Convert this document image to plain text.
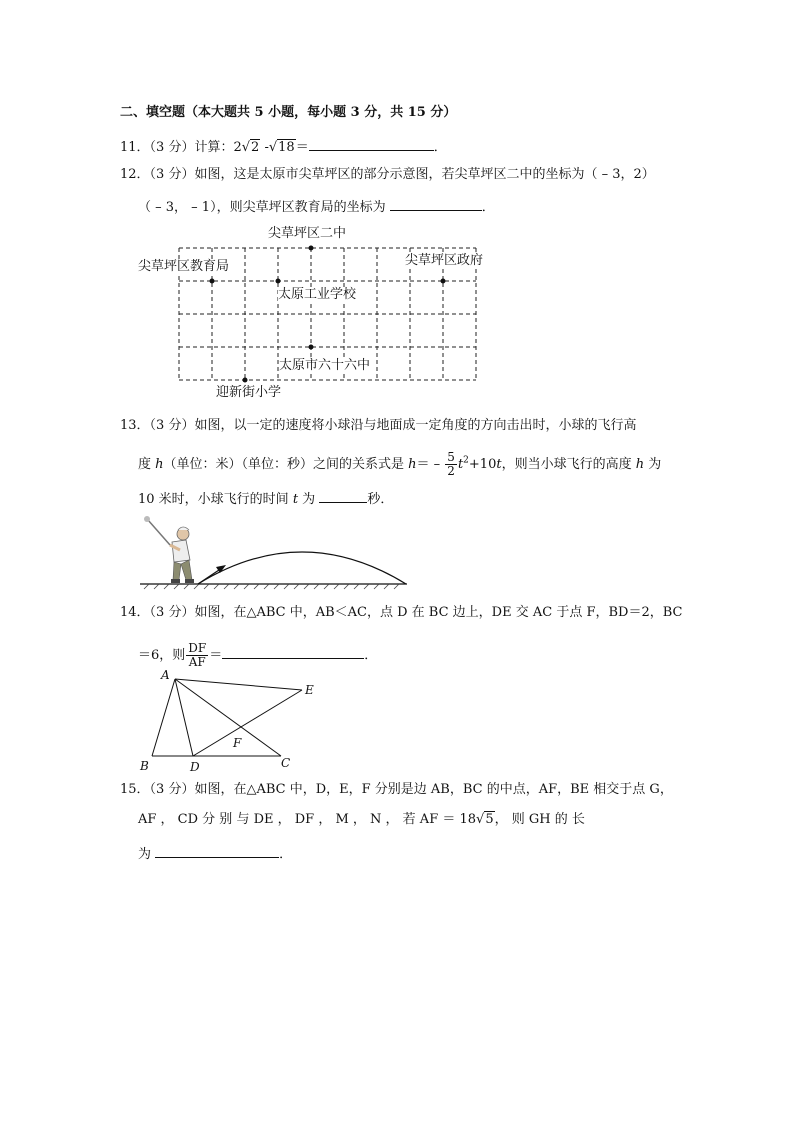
二、填空题（本大题共 5 小题，每小题 3 分，共 15 分）
11．（3 分）计算：2√2 -√18＝	．
12．（3 分）如图，这是太原市尖草坪区的部分示意图，若尖草坪区二中的坐标为（ – 3，2）
（ – 3， – 1），则尖草坪区教育局的坐标为	．
尖草坪区二中
尖草坪区教育局	尖草坪区政府
太原工业学校
太原市六十六中
迎新街小学
13．（3 分）如图，以一定的速度将小球沿与地面成一定角度的方向击出时，小球的飞行高
度 h（单位：米）（单位：秒）之间的关系式是 $h= - \frac{5}{2} t^2+10t$，则当小球飞行的高度 h 为
10 米时，小球飞行的时间 t 为	秒．
14．（3 分）如图，在△ABC 中，AB＜AC，点 D 在 BC 边上，DE 交 AC 于点 F，BD＝2，BC
＝6，则 $\frac{DF}{AF}$ ＝	．
A
E
F
B	D	C
15．（3 分）如图，在△ABC 中，D，E，F 分别是边 AB，BC 的中点，AF，BE 相交于点 G，
AF ， CD 分 别 与 DE ， DF ， M ， N ， 若 AF ＝ 18√5， 则 GH 的 长
为	．
